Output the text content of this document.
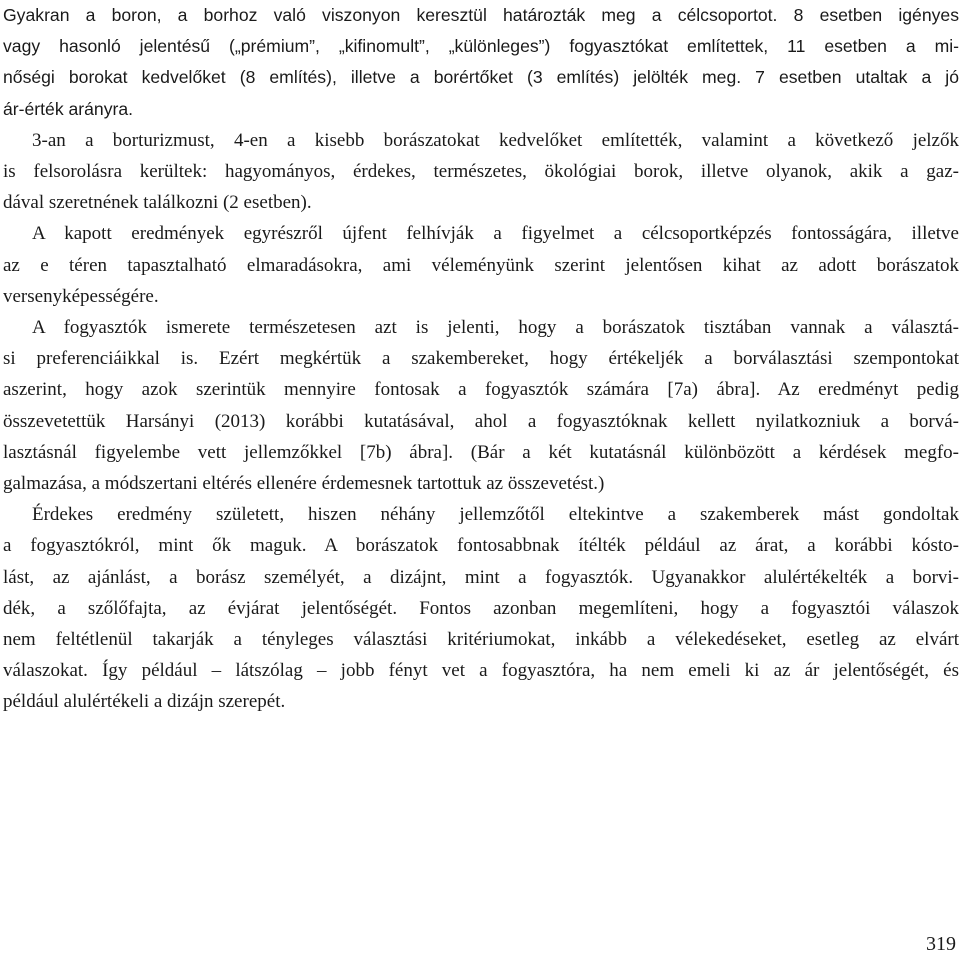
Gyakran a boron, a borhoz való viszonyon keresztül határozták meg a célcsoportot. 8 esetben igényes
vagy hasonló jelentésű („prémium”, „kifinomult”, „különleges”) fogyasztókat említettek, 11 esetben a mi-
nőségi borokat kedvelőket (8 említés), illetve a borértőket (3 említés) jelölték meg. 7 esetben utaltak a jó
ár-érték arányra.

3-an a borturizmust, 4-en a kisebb borászatokat kedvelőket említették, valamint a következő jelzők
is felsorolásra kerültek: hagyományos, érdekes, természetes, ökológiai borok, illetve olyanok, akik a gaz-
dával szeretnének találkozni (2 esetben).

A kapott eredmények egyrészről újfent felhívják a figyelmet a célcsoportképzés fontosságára, illetve
az e téren tapasztalható elmaradásokra, ami véleményünk szerint jelentősen kihat az adott borászatok
versenyképességére.

A fogyasztók ismerete természetesen azt is jelenti, hogy a borászatok tisztában vannak a választá-
si preferenciáikkal is. Ezért megkértük a szakembereket, hogy értékeljék a borválasztási szempontokat
aszerint, hogy azok szerintük mennyire fontosak a fogyasztók számára [7a) ábra]. Az eredményt pedig
összevetettük Harsányi (2013) korábbi kutatásával, ahol a fogyasztóknak kellett nyilatkozniuk a borvá-
lasztásnál figyelembe vett jellemzőkkel [7b) ábra]. (Bár a két kutatásnál különbözött a kérdések megfo-
galmazása, a módszertani eltérés ellenére érdemesnek tartottuk az összevetést.)

Érdekes eredmény született, hiszen néhány jellemzőtől eltekintve a szakemberek mást gondoltak
a fogyasztókról, mint ők maguk. A borászatok fontosabbnak ítélték például az árat, a korábbi kósto-
lást, az ajánlást, a borász személyét, a dizájnt, mint a fogyasztók. Ugyanakkor alulértékelték a borvi-
dék, a szőlőfajta, az évjárat jelentőségét. Fontos azonban megemlíteni, hogy a fogyasztói válaszok
nem feltétlenül takarják a tényleges választási kritériumokat, inkább a vélekedéseket, esetleg az elvárt
válaszokat. Így például – látszólag – jobb fényt vet a fogyasztóra, ha nem emeli ki az ár jelentőségét, és
például alulértékeli a dizájn szerepét.

319
